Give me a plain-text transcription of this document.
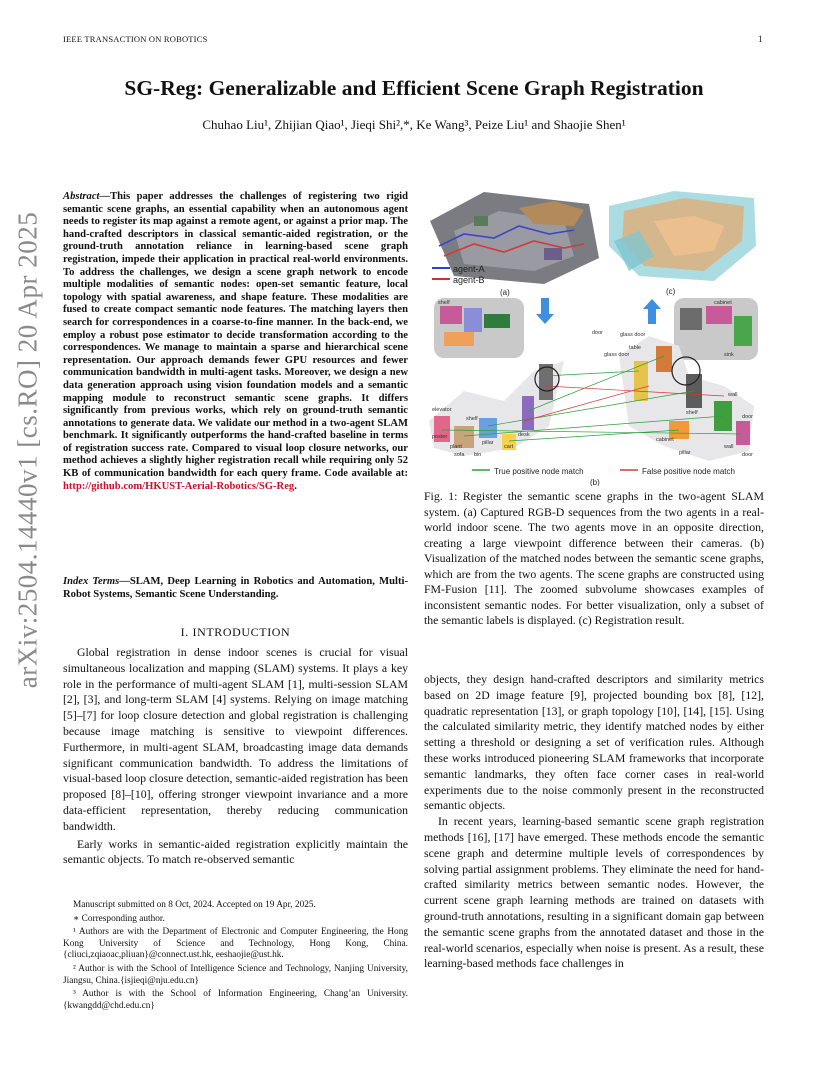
IEEE TRANSACTION ON ROBOTICS	1
arXiv:2504.14440v1 [cs.RO] 20 Apr 2025
SG-Reg: Generalizable and Efficient Scene Graph Registration
Chuhao Liu¹, Zhijian Qiao¹, Jieqi Shi²,*, Ke Wang³, Peize Liu¹ and Shaojie Shen¹
Abstract—This paper addresses the challenges of registering two rigid semantic scene graphs, an essential capability when an autonomous agent needs to register its map against a remote agent, or against a prior map. The hand-crafted descriptors in classical semantic-aided registration, or the ground-truth annotation reliance in learning-based scene graph registration, impede their application in practical real-world environments. To address the challenges, we design a scene graph network to encode multiple modalities of semantic nodes: open-set semantic feature, local topology with spatial awareness, and shape feature. These modalities are fused to create compact semantic node features. The matching layers then search for correspondences in a coarse-to-fine manner. In the back-end, we employ a robust pose estimator to decide transformation according to the correspondences. We manage to maintain a sparse and hierarchical scene representation. Our approach demands fewer GPU resources and fewer communication bandwidth in multi-agent tasks. Moreover, we design a new data generation approach using vision foundation models and a semantic mapping module to reconstruct semantic scene graphs. It differs significantly from previous works, which rely on ground-truth semantic annotations to generate data. We validate our method in a two-agent SLAM benchmark. It significantly outperforms the hand-crafted baseline in terms of registration success rate. Compared to visual loop closure networks, our method achieves a slightly higher registration recall while requiring only 52 KB of communication bandwidth for each query frame. Code available at: http://github.com/HKUST-Aerial-Robotics/SG-Reg.
Index Terms—SLAM, Deep Learning in Robotics and Automation, Multi-Robot Systems, Semantic Scene Understanding.
I. INTRODUCTION

Global registration in dense indoor scenes is crucial for visual simultaneous localization and mapping (SLAM) systems. It plays a key role in the performance of multi-agent SLAM [1], multi-session SLAM [2], [3], and long-term SLAM [4] systems. Relying on image matching [5]–[7] for loop closure detection and global registration is challenging because image matching is sensitive to viewpoint differences. Furthermore, in multi-agent SLAM, broadcasting image data demands significant communication bandwidth. To address the limitations of visual-based loop closure detection, semantic-aided registration has been proposed [8]–[10], offering stronger viewpoint invariance and a more data-efficient representation, thereby reducing communication bandwidth.

Early works in semantic-aided registration explicitly maintain the semantic objects. To match re-observed semantic

Manuscript submitted on 8 Oct, 2024. Accepted on 19 Apr, 2025.

∗ Corresponding author.

¹ Authors are with the Department of Electronic and Computer Engineering, the Hong Kong University of Science and Technology, Hong Kong, China.{cliuci,zqiaoac,pliuan}@connect.ust.hk, eeshaojie@ust.hk.

² Author is with the School of Intelligence Science and Technology, Nanjing University, Jiangsu, China.{isjieqi@nju.edu.cn}

³ Author is with the School of Information Engineering, Chang’an University.{kwangdd@chd.edu.cn}

agent-A
agent-B
(a)	(c)
shelf	cabinet
door
table
glass door	sink
wall
shelf
poster
pillar
cart
door
shelf
elevator
plant
desk
sofa bin
cabinet
wall
door
glass door
pillar
True positive node match	False positive node match
(b)
Fig. 1: Register the semantic scene graphs in the two-agent SLAM system. (a) Captured RGB-D sequences from the two agents in a real-world indoor scene. The two agents move in an opposite direction, creating a large viewpoint difference between their cameras. (b) Visualization of the matched nodes between the semantic scene graphs, which are from the two agents. The scene graphs are constructed using FM-Fusion [11]. The zoomed subvolume showcases examples of inconsistent semantic nodes. For better visualization, only a subset of the semantic labels is displayed. (c) Registration result.

objects, they design hand-crafted descriptors and similarity metrics based on 2D image feature [9], projected bounding box [8], [12], quadratic representation [13], or graph topology [10], [14], [15]. Using the calculated similarity metric, they identify matched nodes by either setting a threshold or designing a set of verification rules. Although these works introduced pioneering SLAM frameworks that incorporate semantic landmarks, they often face corner cases in real-world experiments due to the noise commonly present in the reconstructed semantic objects.

In recent years, learning-based semantic scene graph registration methods [16], [17] have emerged. These methods encode the semantic scene graph and determine multiple levels of correspondences by solving partial assignment problems. They eliminate the need for hand-crafted similarity metrics between semantic nodes. However, the current scene graph learning methods are trained on datasets with ground-truth annotations, resulting in a significant domain gap between the semantic scene graphs from the annotated dataset and those in the real-world scenarios, especially when noise is present. As a result, these learning-based methods face challenges in
